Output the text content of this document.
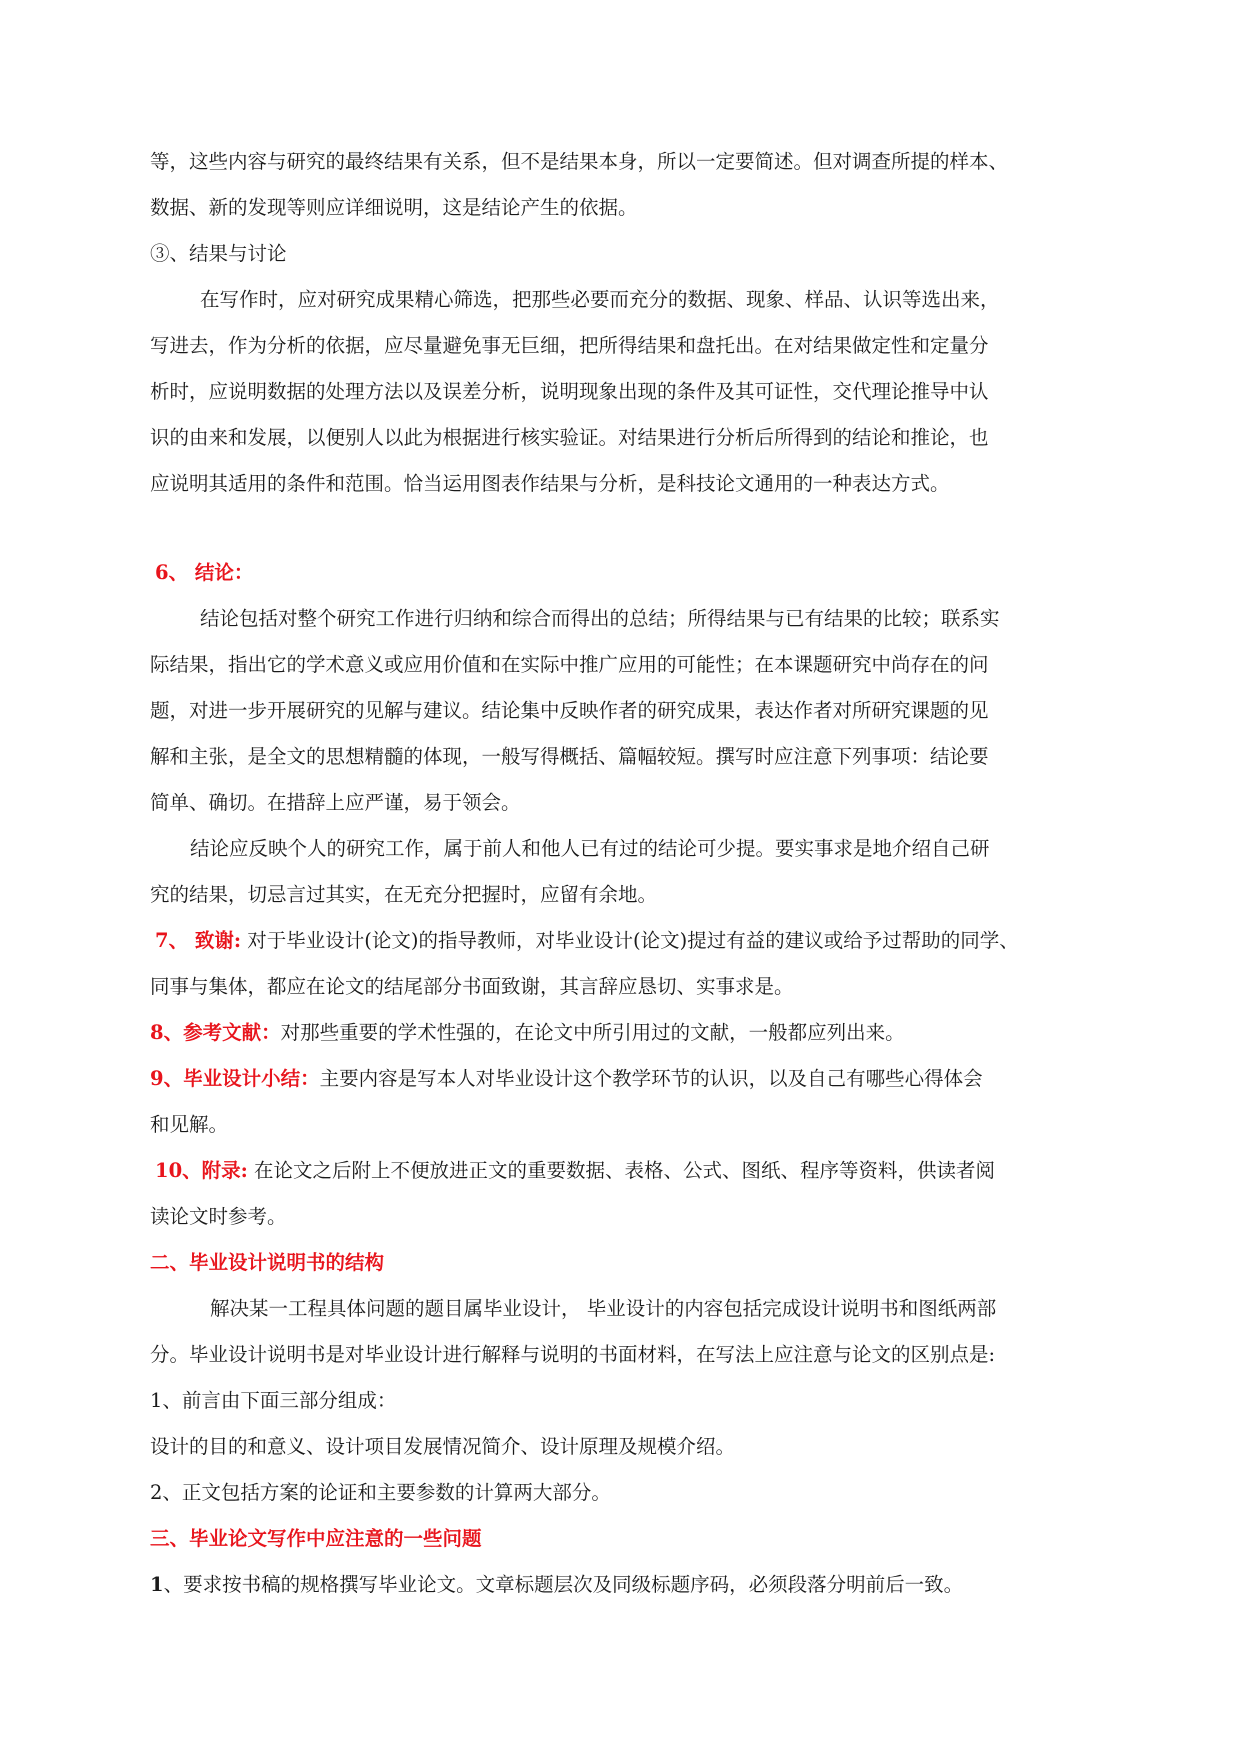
等，这些内容与研究的最终结果有关系，但不是结果本身，所以一定要简述。但对调查所提的样本、
数据、新的发现等则应详细说明，这是结论产生的依据。
③、结果与讨论
在写作时，应对研究成果精心筛选，把那些必要而充分的数据、现象、样品、认识等选出来，
写进去，作为分析的依据，应尽量避免事无巨细，把所得结果和盘托出。在对结果做定性和定量分
析时，应说明数据的处理方法以及误差分析，说明现象出现的条件及其可证性，交代理论推导中认
识的由来和发展，以便别人以此为根据进行核实验证。对结果进行分析后所得到的结论和推论，也
应说明其适用的条件和范围。恰当运用图表作结果与分析，是科技论文通用的一种表达方式。
6、 结论：
结论包括对整个研究工作进行归纳和综合而得出的总结；所得结果与已有结果的比较；联系实
际结果，指出它的学术意义或应用价值和在实际中推广应用的可能性；在本课题研究中尚存在的问
题，对进一步开展研究的见解与建议。结论集中反映作者的研究成果，表达作者对所研究课题的见
解和主张，是全文的思想精髓的体现，一般写得概括、篇幅较短。撰写时应注意下列事项：结论要
简单、确切。在措辞上应严谨，易于领会。
结论应反映个人的研究工作，属于前人和他人已有过的结论可少提。要实事求是地介绍自己研
究的结果，切忌言过其实，在无充分把握时，应留有余地。
7、 致谢: 对于毕业设计(论文)的指导教师，对毕业设计(论文)提过有益的建议或给予过帮助的同学、
同事与集体，都应在论文的结尾部分书面致谢，其言辞应恳切、实事求是。
8、参考文献：对那些重要的学术性强的，在论文中所引用过的文献，一般都应列出来。
9、毕业设计小结：主要内容是写本人对毕业设计这个教学环节的认识，以及自己有哪些心得体会
和见解。
10、附录: 在论文之后附上不便放进正文的重要数据、表格、公式、图纸、程序等资料，供读者阅
读论文时参考。
二、毕业设计说明书的结构
解决某一工程具体问题的题目属毕业设计， 毕业设计的内容包括完成设计说明书和图纸两部
分。毕业设计说明书是对毕业设计进行解释与说明的书面材料，在写法上应注意与论文的区别点是:
1、前言由下面三部分组成：
设计的目的和意义、设计项目发展情况简介、设计原理及规模介绍。
2、正文包括方案的论证和主要参数的计算两大部分。
三、毕业论文写作中应注意的一些问题
1、要求按书稿的规格撰写毕业论文。文章标题层次及同级标题序码，必须段落分明前后一致。
